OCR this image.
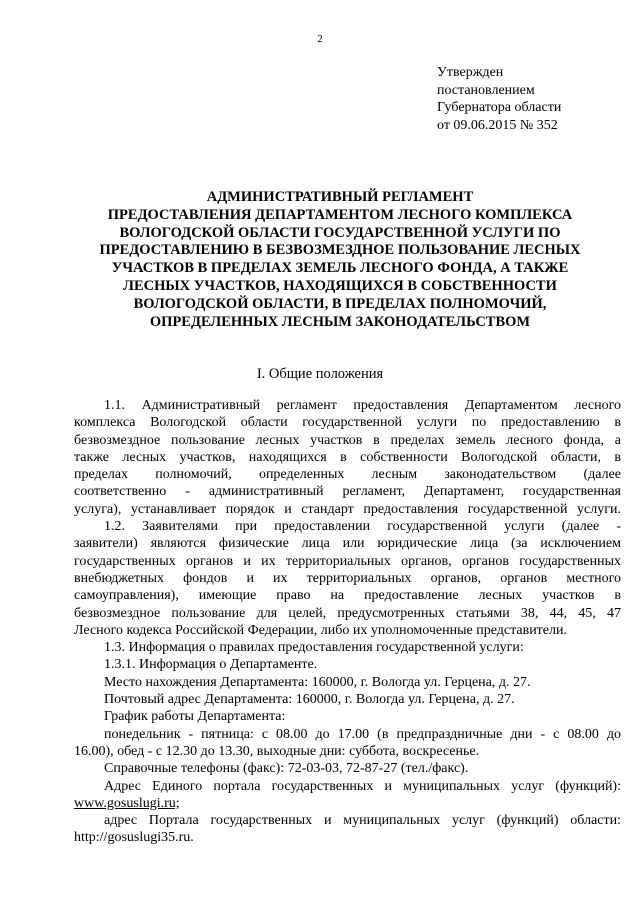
2
Утвержден
постановлением
Губернатора области
от 09.06.2015 № 352
АДМИНИСТРАТИВНЫЙ РЕГЛАМЕНТ
ПРЕДОСТАВЛЕНИЯ ДЕПАРТАМЕНТОМ ЛЕСНОГО КОМПЛЕКСА
ВОЛОГОДСКОЙ ОБЛАСТИ ГОСУДАРСТВЕННОЙ УСЛУГИ ПО
ПРЕДОСТАВЛЕНИЮ В БЕЗВОЗМЕЗДНОЕ ПОЛЬЗОВАНИЕ ЛЕСНЫХ
УЧАСТКОВ В ПРЕДЕЛАХ ЗЕМЕЛЬ ЛЕСНОГО ФОНДА, А ТАКЖЕ
ЛЕСНЫХ УЧАСТКОВ, НАХОДЯЩИХСЯ В СОБСТВЕННОСТИ
ВОЛОГОДСКОЙ ОБЛАСТИ, В ПРЕДЕЛАХ ПОЛНОМОЧИЙ,
ОПРЕДЕЛЕННЫХ ЛЕСНЫМ ЗАКОНОДАТЕЛЬСТВОМ
I. Общие положения
1.1. Административный регламент предоставления Департаментом лесного
комплекса Вологодской области государственной услуги по предоставлению в
безвозмездное пользование лесных участков в пределах земель лесного фонда, а
также лесных участков, находящихся в собственности Вологодской области, в
пределах полномочий, определенных лесным законодательством (далее
соответственно - административный регламент, Департамент, государственная
услуга), устанавливает порядок и стандарт предоставления государственной услуги.
1.2. Заявителями при предоставлении государственной услуги (далее -
заявители) являются физические лица или юридические лица (за исключением
государственных органов и их территориальных органов, органов государственных
внебюджетных фондов и их территориальных органов, органов местного
самоуправления), имеющие право на предоставление лесных участков в
безвозмездное пользование для целей, предусмотренных статьями 38, 44, 45, 47
Лесного кодекса Российской Федерации, либо их уполномоченные представители.
1.3. Информация о правилах предоставления государственной услуги:
1.3.1. Информация о Департаменте.
Место нахождения Департамента: 160000, г. Вологда ул. Герцена, д. 27.
Почтовый адрес Департамента: 160000, г. Вологда ул. Герцена, д. 27.
График работы Департамента:
понедельник - пятница: с 08.00 до 17.00 (в предпраздничные дни - с 08.00 до
16.00), обед - с 12.30 до 13.30, выходные дни: суббота, воскресенье.
Справочные телефоны (факс): 72-03-03, 72-87-27 (тел./факс).
Адрес Единого портала государственных и муниципальных услуг (функций):
www.gosuslugi.ru;
адрес Портала государственных и муниципальных услуг (функций) области:
http://gosuslugi35.ru.
